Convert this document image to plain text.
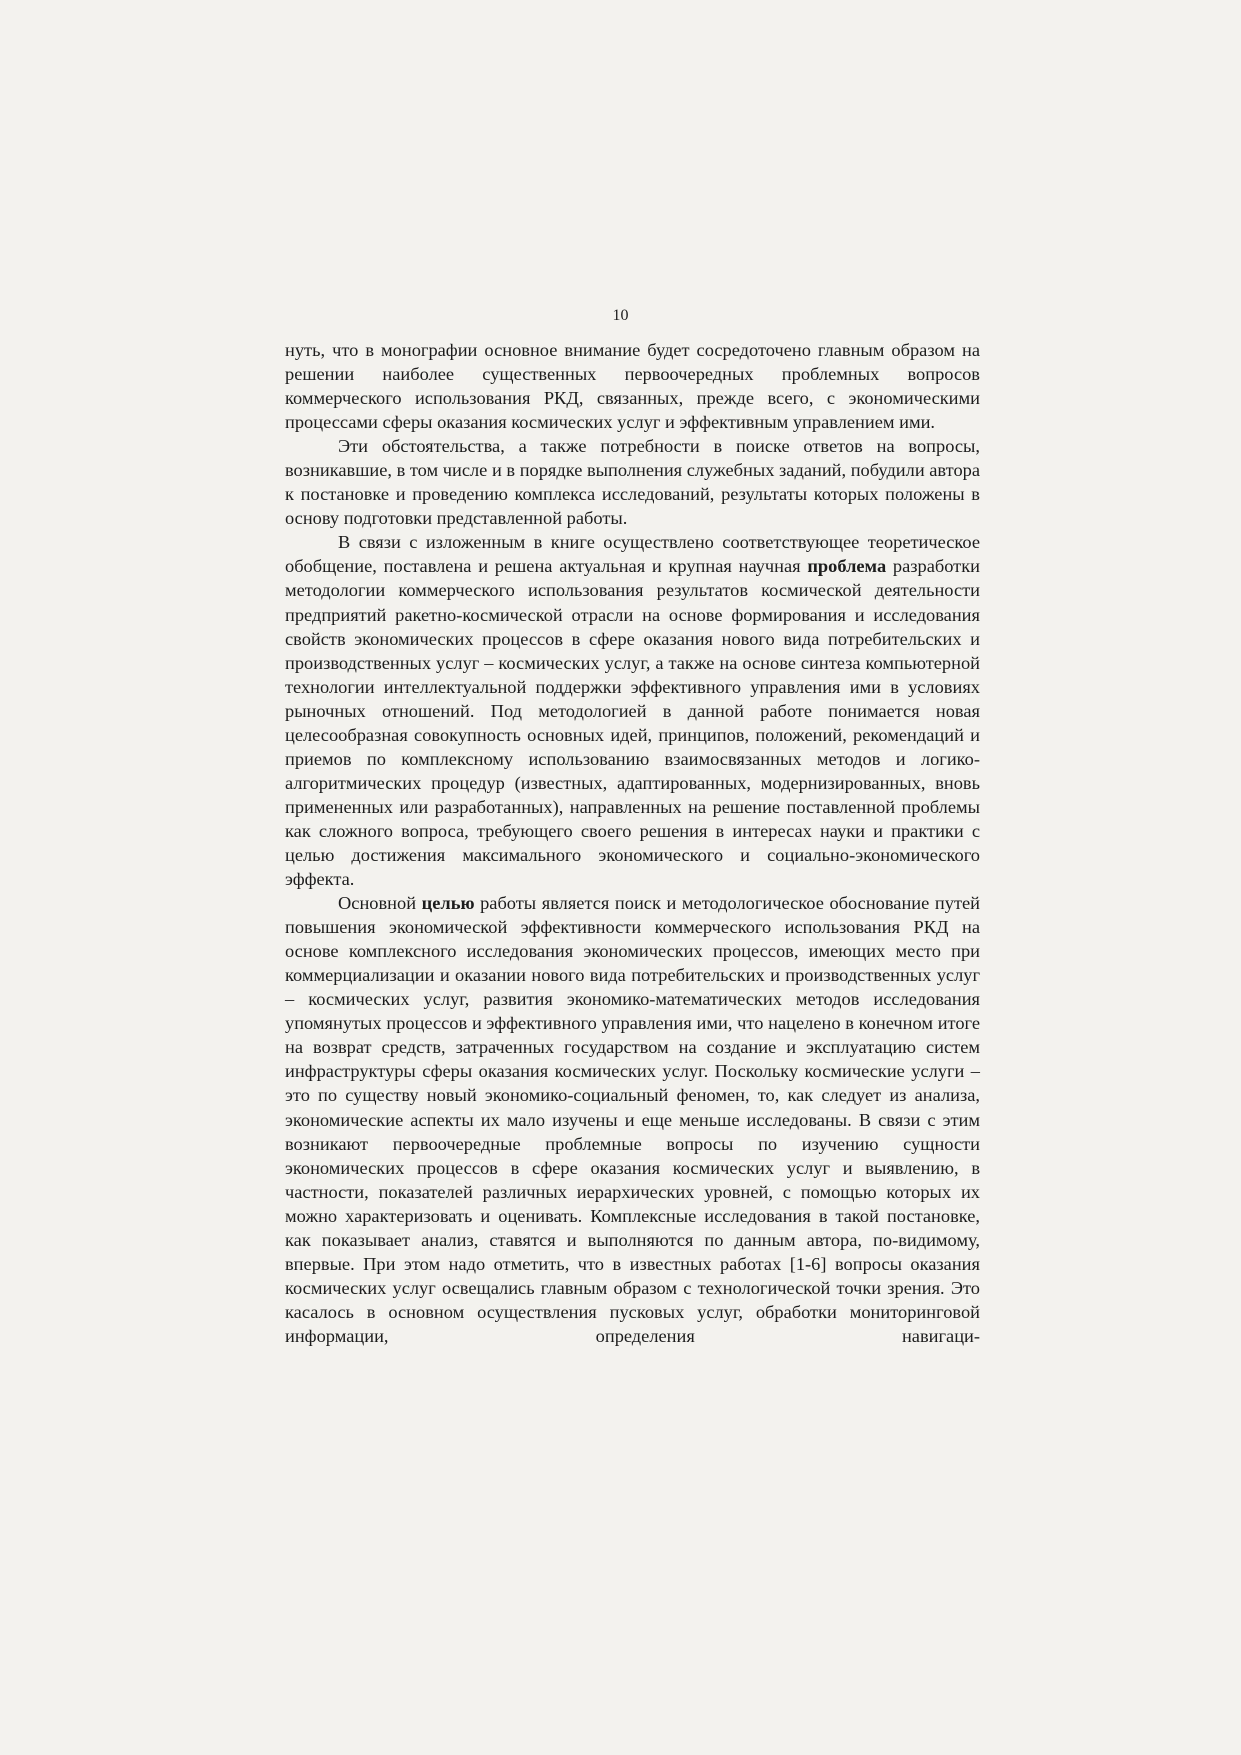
10

нуть, что в монографии основное внимание будет сосредоточено главным образом на решении наиболее существенных первоочередных проблемных вопросов коммерческого использования РКД, связанных, прежде всего, с экономическими процессами сферы оказания космических услуг и эффективным управлением ими.

Эти обстоятельства, а также потребности в поиске ответов на вопросы, возникавшие, в том числе и в порядке выполнения служебных заданий, побудили автора к постановке и проведению комплекса исследований, результаты которых положены в основу подготовки представленной работы.

В связи с изложенным в книге осуществлено соответствующее теоретическое обобщение, поставлена и решена актуальная и крупная научная проблема разработки методологии коммерческого использования результатов космической деятельности предприятий ракетно-космической отрасли на основе формирования и исследования свойств экономических процессов в сфере оказания нового вида потребительских и производственных услуг – космических услуг, а также на основе синтеза компьютерной технологии интеллектуальной поддержки эффективного управления ими в условиях рыночных отношений. Под методологией в данной работе понимается новая целесообразная совокупность основных идей, принципов, положений, рекомендаций и приемов по комплексному использованию взаимосвязанных методов и логико-алгоритмических процедур (известных, адаптированных, модернизированных, вновь примененных или разработанных), направленных на решение поставленной проблемы как сложного вопроса, требующего своего решения в интересах науки и практики с целью достижения максимального экономического и социально-экономического эффекта.

Основной целью работы является поиск и методологическое обоснование путей повышения экономической эффективности коммерческого использования РКД на основе комплексного исследования экономических процессов, имеющих место при коммерциализации и оказании нового вида потребительских и производственных услуг – космических услуг, развития экономико-математических методов исследования упомянутых процессов и эффективного управления ими, что нацелено в конечном итоге на возврат средств, затраченных государством на создание и эксплуатацию систем инфраструктуры сферы оказания космических услуг. Поскольку космические услуги – это по существу новый экономико-социальный феномен, то, как следует из анализа, экономические аспекты их мало изучены и еще меньше исследованы. В связи с этим возникают первоочередные проблемные вопросы по изучению сущности экономических процессов в сфере оказания космических услуг и выявлению, в частности, показателей различных иерархических уровней, с помощью которых их можно характеризовать и оценивать. Комплексные исследования в такой постановке, как показывает анализ, ставятся и выполняются по данным автора, по-видимому, впервые. При этом надо отметить, что в известных работах [1-6] вопросы оказания космических услуг освещались главным образом с технологической точки зрения. Это касалось в основном осуществления пусковых услуг, обработки мониторинговой информации, определения навигаци-
